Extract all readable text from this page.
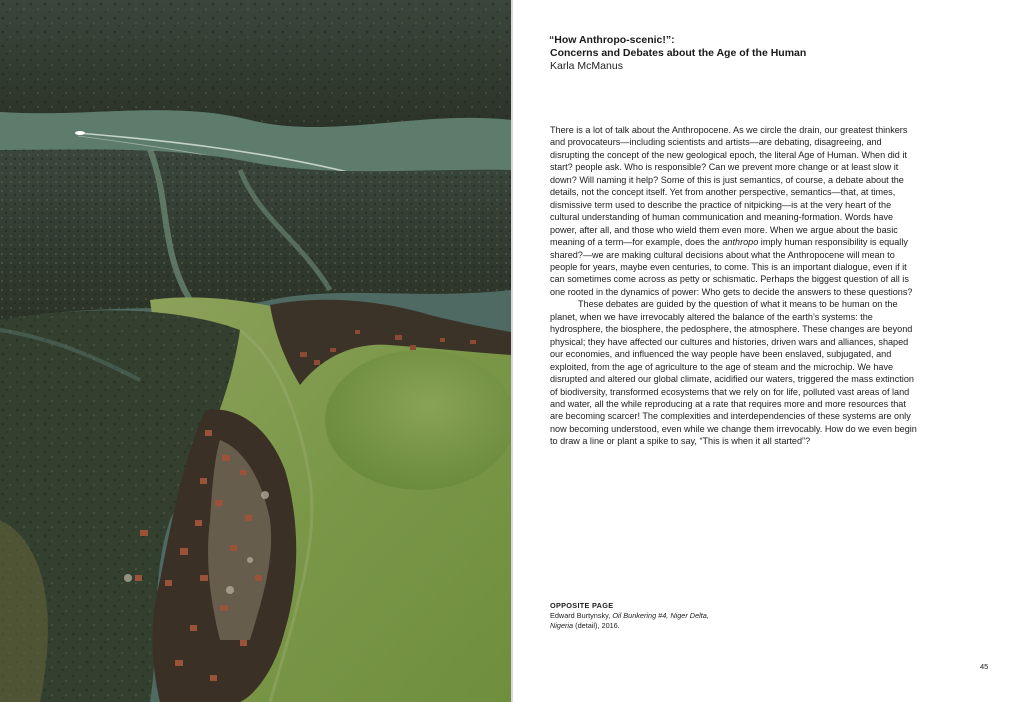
“How Anthropo-scenic!”:
Concerns and Debates about the Age of the Human
Karla McManus

There is a lot of talk about the Anthropocene. As we circle the drain, our greatest thinkers and provocateurs—including scientists and artists—are debating, disagreeing, and disrupting the concept of the new geological epoch, the literal Age of Human. When did it start? people ask. Who is responsible? Can we prevent more change or at least slow it down? Will naming it help? Some of this is just semantics, of course, a debate about the details, not the concept itself. Yet from another perspective, semantics—that, at times, dismissive term used to describe the practice of nitpicking—is at the very heart of the cultural understanding of human communication and meaning-formation. Words have power, after all, and those who wield them even more. When we argue about the basic meaning of a term—for example, does the anthropo imply human responsibility is equally shared?—we are making cultural decisions about what the Anthropocene will mean to people for years, maybe even centuries, to come. This is an important dialogue, even if it can sometimes come across as petty or schismatic. Perhaps the biggest question of all is one rooted in the dynamics of power: Who gets to decide the answers to these questions?

These debates are guided by the question of what it means to be human on the planet, when we have irrevocably altered the balance of the earth’s systems: the hydrosphere, the biosphere, the pedosphere, the atmosphere. These changes are beyond physical; they have affected our cultures and histories, driven wars and alliances, shaped our economies, and influenced the way people have been enslaved, subjugated, and exploited, from the age of agriculture to the age of steam and the microchip. We have disrupted and altered our global climate, acidified our waters, triggered the mass extinction of biodiversity, transformed ecosystems that we rely on for life, polluted vast areas of land and water, all the while reproducing at a rate that requires more and more resources that are becoming scarcer! The complexities and interdependencies of these systems are only now becoming understood, even while we change them irrevocably. How do we even begin to draw a line or plant a spike to say, “This is when it all started”?

OPPOSITE PAGE
Edward Burtynsky, Oil Bunkering #4, Niger Delta,
Nigeria (detail), 2016.
45
